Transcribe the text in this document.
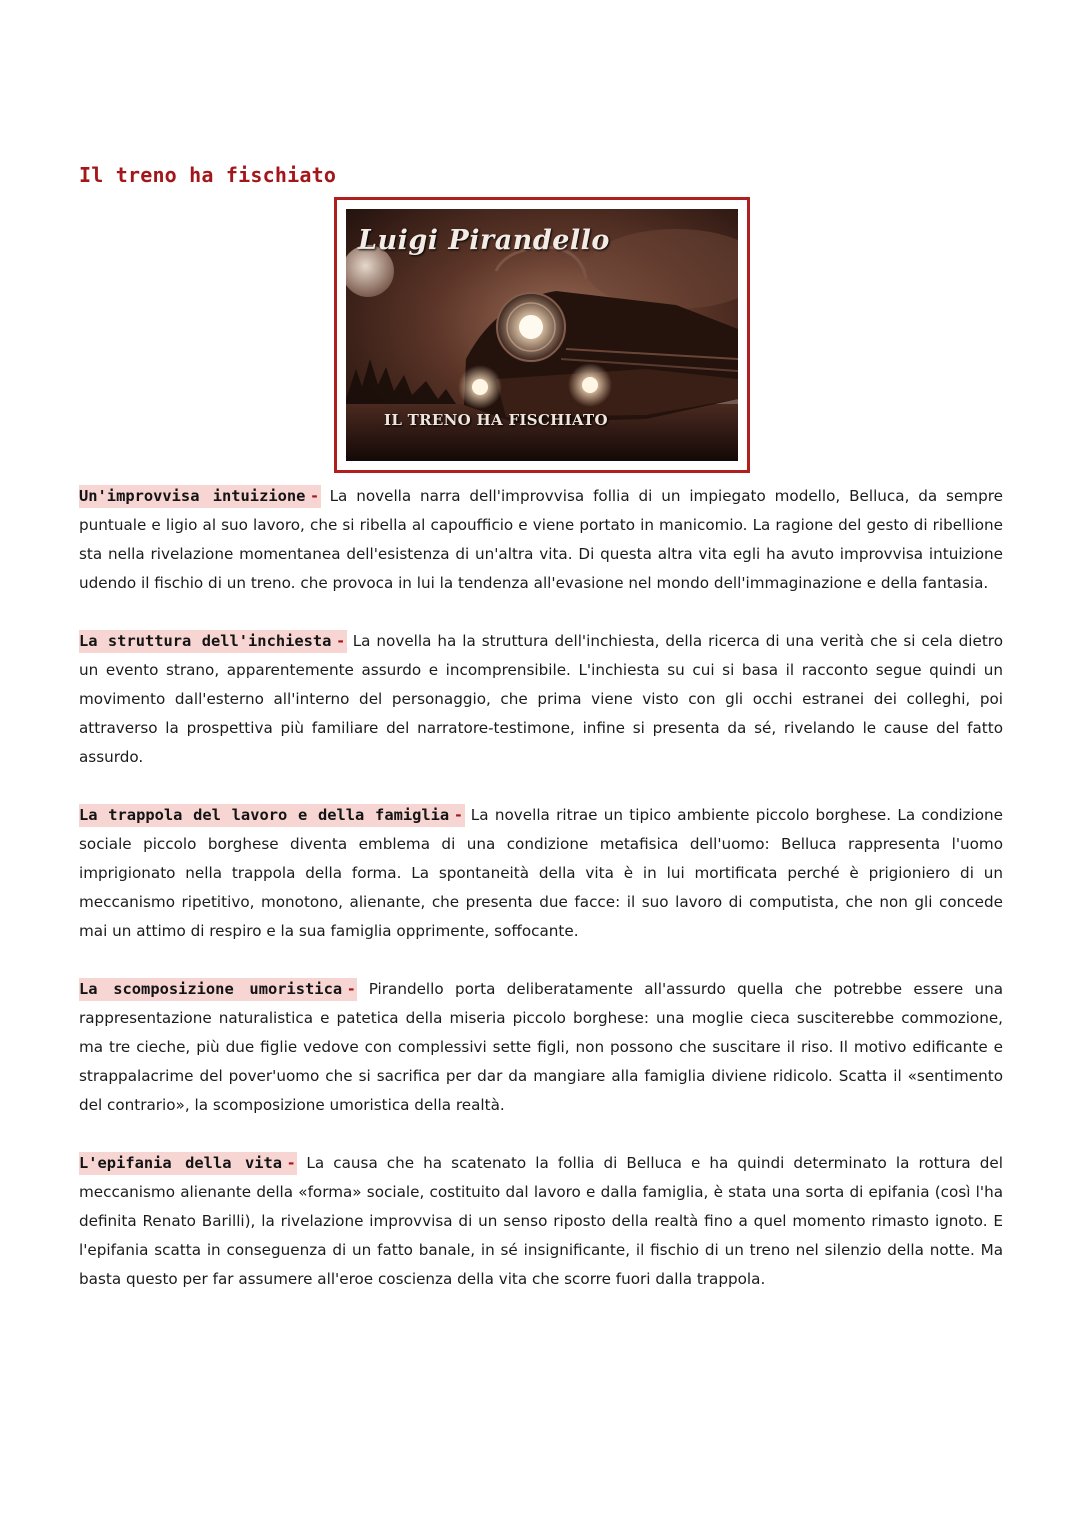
Il treno ha fischiato
Luigi Pirandello
IL TRENO HA FISCHIATO

Un'improvvisa intuizione - La novella narra dell'improvvisa follia di un impiegato modello, Belluca, da sempre puntuale e ligio al suo lavoro, che si ribella al capoufficio e viene portato in manicomio. La ragione del gesto di ribellione sta nella rivelazione momentanea dell'esistenza di un'altra vita. Di questa altra vita egli ha avuto improvvisa intuizione udendo il fischio di un treno. che provoca in lui la tendenza all'evasione nel mondo dell'immaginazione e della fantasia.

La struttura dell'inchiesta - La novella ha la struttura dell'inchiesta, della ricerca di una verità che si cela dietro un evento strano, apparentemente assurdo e incomprensibile. L'inchiesta su cui si basa il racconto segue quindi un movimento dall'esterno all'interno del personaggio, che prima viene visto con gli occhi estranei dei colleghi, poi attraverso la prospettiva più familiare del narratore-testimone, infine si presenta da sé, rivelando le cause del fatto assurdo.

La trappola del lavoro e della famiglia - La novella ritrae un tipico ambiente piccolo borghese. La condizione sociale piccolo borghese diventa emblema di una condizione metafisica dell'uomo: Belluca rappresenta l'uomo imprigionato nella trappola della forma. La spontaneità della vita è in lui mortificata perché è prigioniero di un meccanismo ripetitivo, monotono, alienante, che presenta due facce: il suo lavoro di computista, che non gli concede mai un attimo di respiro e la sua famiglia opprimente, soffocante.

La scomposizione umoristica - Pirandello porta deliberatamente all'assurdo quella che potrebbe essere una rappresentazione naturalistica e patetica della miseria piccolo borghese: una moglie cieca susciterebbe commozione, ma tre cieche, più due figlie vedove con complessivi sette figli, non possono che suscitare il riso. Il motivo edificante e strappalacrime del pover'uomo che si sacrifica per dar da mangiare alla famiglia diviene ridicolo. Scatta il «sentimento del contrario», la scomposizione umoristica della realtà.

L'epifania della vita - La causa che ha scatenato la follia di Belluca e ha quindi determinato la rottura del meccanismo alienante della «forma» sociale, costituito dal lavoro e dalla famiglia, è stata una sorta di epifania (così l'ha definita Renato Barilli), la rivelazione improvvisa di un senso riposto della realtà fino a quel momento rimasto ignoto. E l'epifania scatta in conseguenza di un fatto banale, in sé insignificante, il fischio di un treno nel silenzio della notte. Ma basta questo per far assumere all'eroe coscienza della vita che scorre fuori dalla trappola.
